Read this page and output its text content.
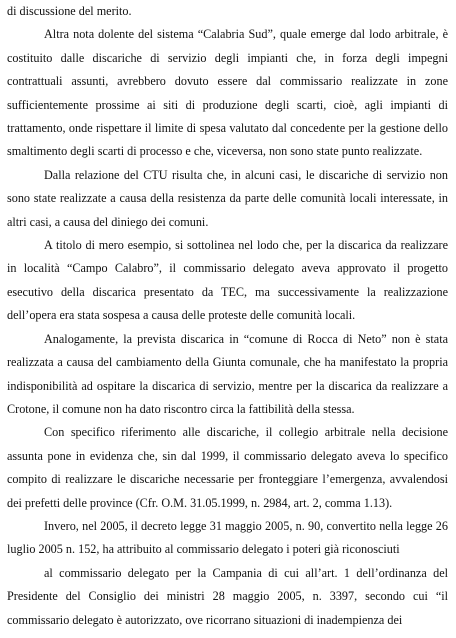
di discussione del merito.

Altra nota dolente del sistema “Calabria Sud”, quale emerge dal lodo arbitrale, è costituito dalle discariche di servizio degli impianti che, in forza degli impegni contrattuali assunti, avrebbero dovuto essere dal commissario realizzate in zone sufficientemente prossime ai siti di produzione degli scarti, cioè, agli impianti di trattamento, onde rispettare il limite di spesa valutato dal concedente per la gestione dello smaltimento degli scarti di processo e che, viceversa, non sono state punto realizzate.

Dalla relazione del CTU risulta che, in alcuni casi, le discariche di servizio non sono state realizzate a causa della resistenza da parte delle comunità locali interessate, in altri casi, a causa del diniego dei comuni.

A titolo di mero esempio, si sottolinea nel lodo che, per la discarica da realizzare in località “Campo Calabro”, il commissario delegato aveva approvato il progetto esecutivo della discarica presentato da TEC, ma successivamente la realizzazione dell’opera era stata sospesa a causa delle proteste delle comunità locali.

Analogamente, la prevista discarica in “comune di Rocca di Neto” non è stata realizzata a causa del cambiamento della Giunta comunale, che ha manifestato la propria indisponibilità ad ospitare la discarica di servizio, mentre per la discarica da realizzare a Crotone, il comune non ha dato riscontro circa la fattibilità della stessa.

Con specifico riferimento alle discariche, il collegio arbitrale nella decisione assunta pone in evidenza che, sin dal 1999, il commissario delegato aveva lo specifico compito di realizzare le discariche necessarie per fronteggiare l’emergenza, avvalendosi dei prefetti delle province (Cfr. O.M. 31.05.1999, n. 2984, art. 2, comma 1.13).

Invero, nel 2005, il decreto legge 31 maggio 2005, n. 90, convertito nella legge 26 luglio 2005 n. 152, ha attribuito al commissario delegato i poteri già riconosciuti

al commissario delegato per la Campania di cui all’art. 1 dell’ordinanza del Presidente del Consiglio dei ministri 28 maggio 2005, n. 3397, secondo cui “il commissario delegato è autorizzato, ove ricorrano situazioni di inadempienza dei
